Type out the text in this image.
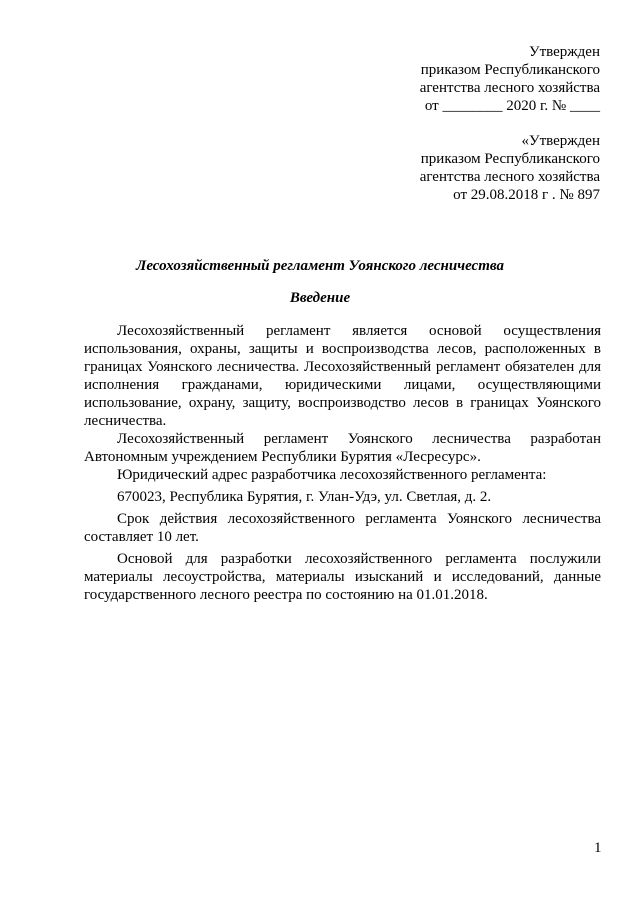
Утвержден
приказом Республиканского
агентства лесного хозяйства
от ________ 2020 г. № ____
«Утвержден
приказом Республиканского
агентства лесного хозяйства
от 29.08.2018 г . № 897
Лесохозяйственный регламент Уоянского лесничества
Введение

Лесохозяйственный регламент является основой осуществления использования, охраны, защиты и воспроизводства лесов, расположенных в границах Уоянского лесничества. Лесохозяйственный регламент обязателен для исполнения гражданами, юридическими лицами, осуществляющими использование, охрану, защиту, воспроизводство лесов в границах Уоянского лесничества.

Лесохозяйственный регламент Уоянского лесничества разработан Автономным учреждением Республики Бурятия «Лесресурс».

Юридический адрес разработчика лесохозяйственного регламента:

670023, Республика Бурятия, г. Улан-Удэ, ул. Светлая, д. 2.

Срок действия лесохозяйственного регламента Уоянского лесничества составляет 10 лет.

Основой для разработки лесохозяйственного регламента послужили материалы лесоустройства, материалы изысканий и исследований, данные государственного лесного реестра по состоянию на 01.01.2018.

1
